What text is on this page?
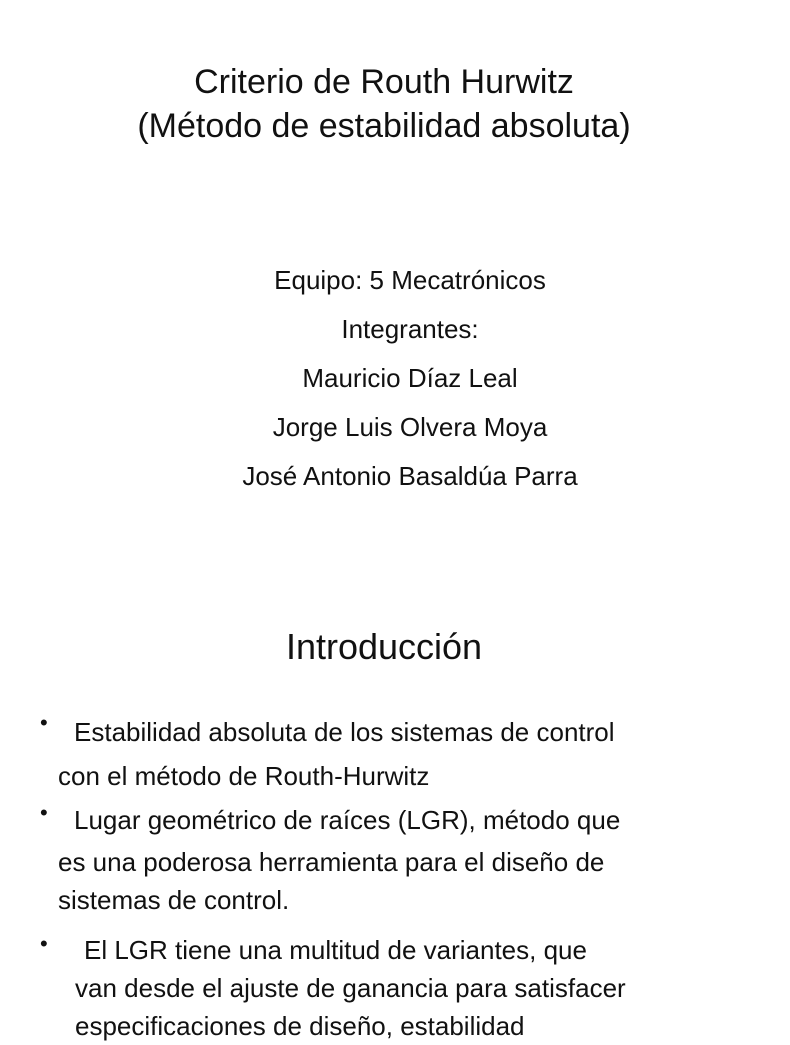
Criterio de Routh Hurwitz
(Método de estabilidad absoluta)
Equipo: 5 Mecatrónicos
Integrantes:
Mauricio Díaz Leal
Jorge Luis Olvera Moya
José Antonio Basaldúa Parra
Introducción
•	Estabilidad absoluta de los sistemas de control
con el método de Routh-Hurwitz
•	Lugar geométrico de raíces (LGR), método que
es una poderosa herramienta para el diseño de
sistemas de control.
•	El LGR tiene una multitud de variantes, que
van desde el ajuste de ganancia para satisfacer
especificaciones de diseño, estabilidad
